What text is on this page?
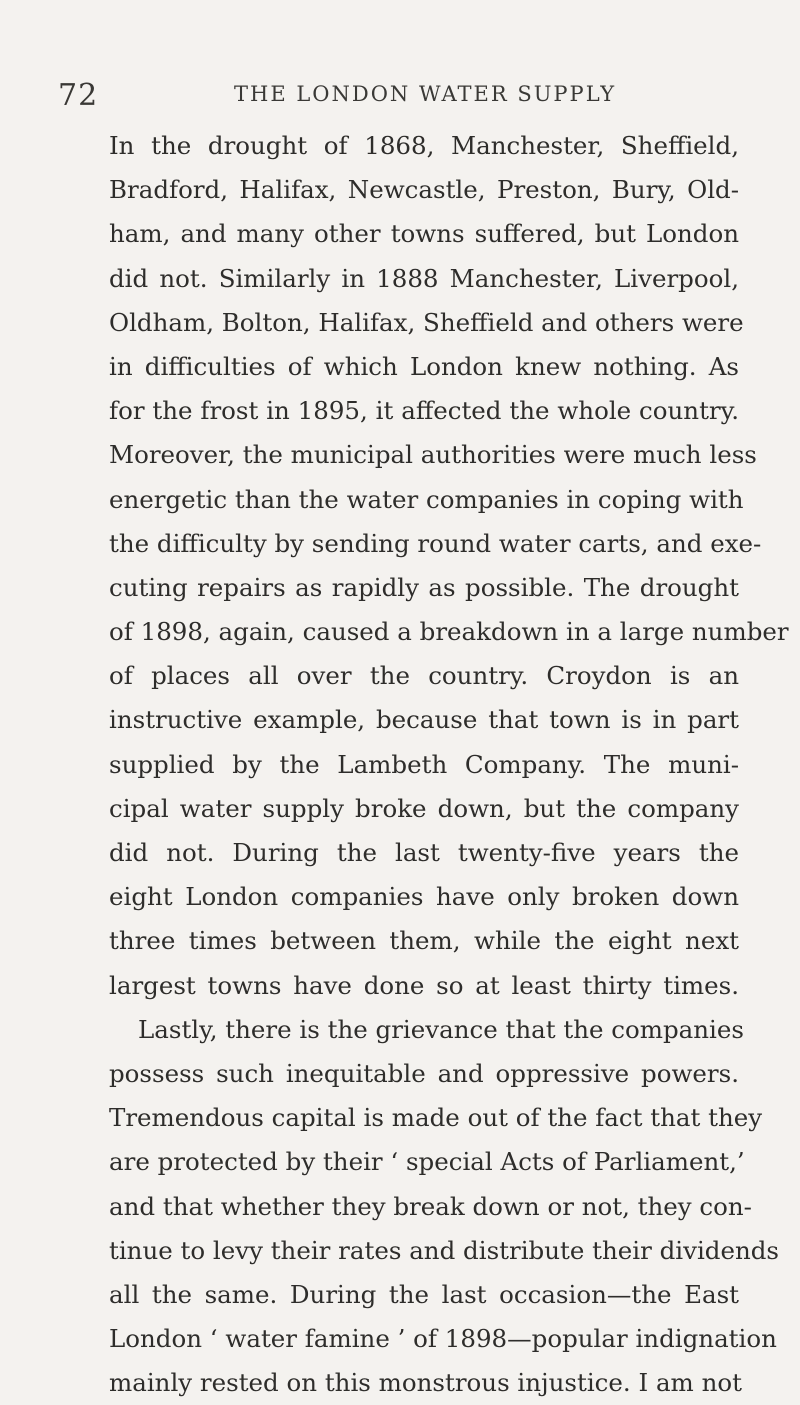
72	THE LONDON WATER SUPPLY
In the drought of 1868, Manchester, Sheffield,
Bradford, Halifax, Newcastle, Preston, Bury, Old-
ham, and many other towns suffered, but London
did not. Similarly in 1888 Manchester, Liverpool,
Oldham, Bolton, Halifax, Sheffield and others were
in difficulties of which London knew nothing. As
for the frost in 1895, it affected the whole country.
Moreover, the municipal authorities were much less
energetic than the water companies in coping with
the difficulty by sending round water carts, and exe-
cuting repairs as rapidly as possible. The drought
of 1898, again, caused a breakdown in a large number
of places all over the country. Croydon is an
instructive example, because that town is in part
supplied by the Lambeth Company. The muni-
cipal water supply broke down, but the company
did not. During the last twenty-five years the
eight London companies have only broken down
three times between them, while the eight next
largest towns have done so at least thirty times.
Lastly, there is the grievance that the companies
possess such inequitable and oppressive powers.
Tremendous capital is made out of the fact that they
are protected by their ‘ special Acts of Parliament,’
and that whether they break down or not, they con-
tinue to levy their rates and distribute their dividends
all the same. During the last occasion—the East
London ‘ water famine ’ of 1898—popular indignation
mainly rested on this monstrous injustice. I am not
